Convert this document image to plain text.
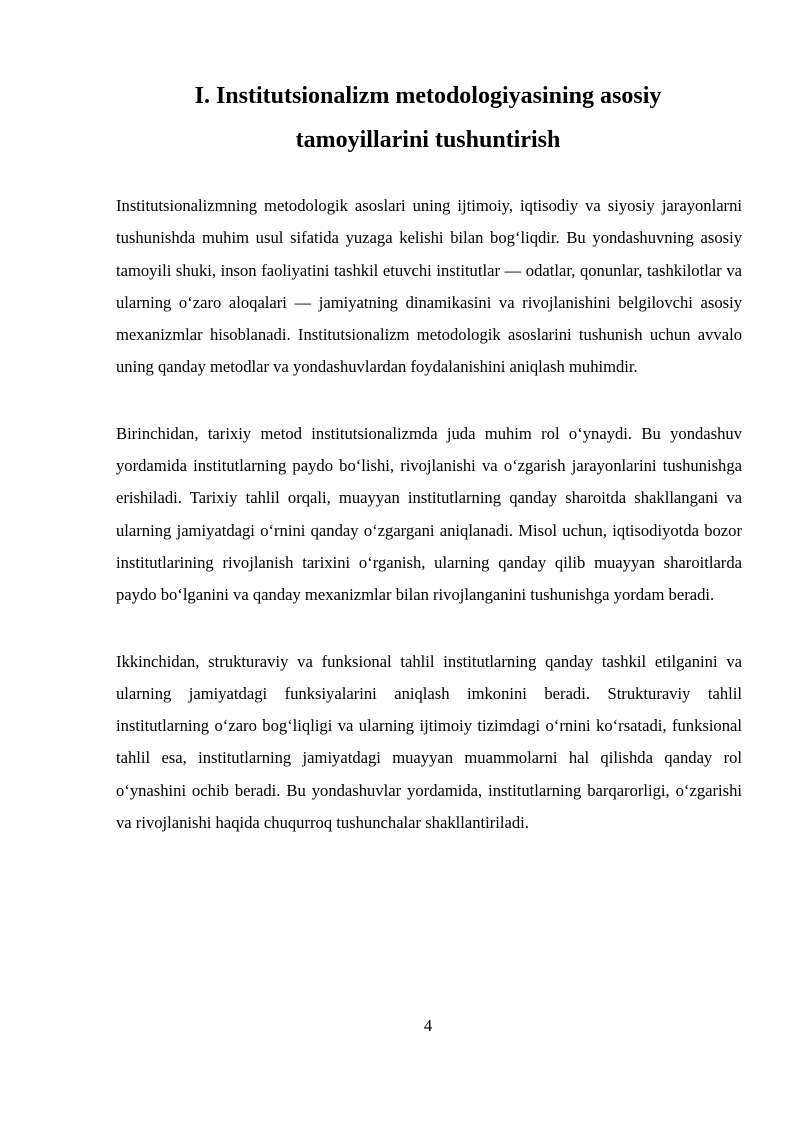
I. Institutsionalizm metodologiyasining asosiy
tamoyillarini tushuntirish

Institutsionalizmning metodologik asoslari uning ijtimoiy, iqtisodiy va siyosiy jarayonlarni tushunishda muhim usul sifatida yuzaga kelishi bilan bog‘liqdir. Bu yondashuvning asosiy tamoyili shuki, inson faoliyatini tashkil etuvchi institutlar — odatlar, qonunlar, tashkilotlar va ularning o‘zaro aloqalari — jamiyatning dinamikasini va rivojlanishini belgilovchi asosiy mexanizmlar hisoblanadi. Institutsionalizm metodologik asoslarini tushunish uchun avvalo uning qanday metodlar va yondashuvlardan foydalanishini aniqlash muhimdir.

Birinchidan, tarixiy metod institutsionalizmda juda muhim rol o‘ynaydi. Bu yondashuv yordamida institutlarning paydo bo‘lishi, rivojlanishi va o‘zgarish jarayonlarini tushunishga erishiladi. Tarixiy tahlil orqali, muayyan institutlarning qanday sharoitda shakllangani va ularning jamiyatdagi o‘rnini qanday o‘zgargani aniqlanadi. Misol uchun, iqtisodiyotda bozor institutlarining rivojlanish tarixini o‘rganish, ularning qanday qilib muayyan sharoitlarda paydo bo‘lganini va qanday mexanizmlar bilan rivojlanganini tushunishga yordam beradi.

Ikkinchidan, strukturaviy va funksional tahlil institutlarning qanday tashkil etilganini va ularning jamiyatdagi funksiyalarini aniqlash imkonini beradi. Strukturaviy tahlil institutlarning o‘zaro bog‘liqligi va ularning ijtimoiy tizimdagi o‘rnini ko‘rsatadi, funksional tahlil esa, institutlarning jamiyatdagi muayyan muammolarni hal qilishda qanday rol o‘ynashini ochib beradi. Bu yondashuvlar yordamida, institutlarning barqarorligi, o‘zgarishi va rivojlanishi haqida chuqurroq tushunchalar shakllantiriladi.

4
